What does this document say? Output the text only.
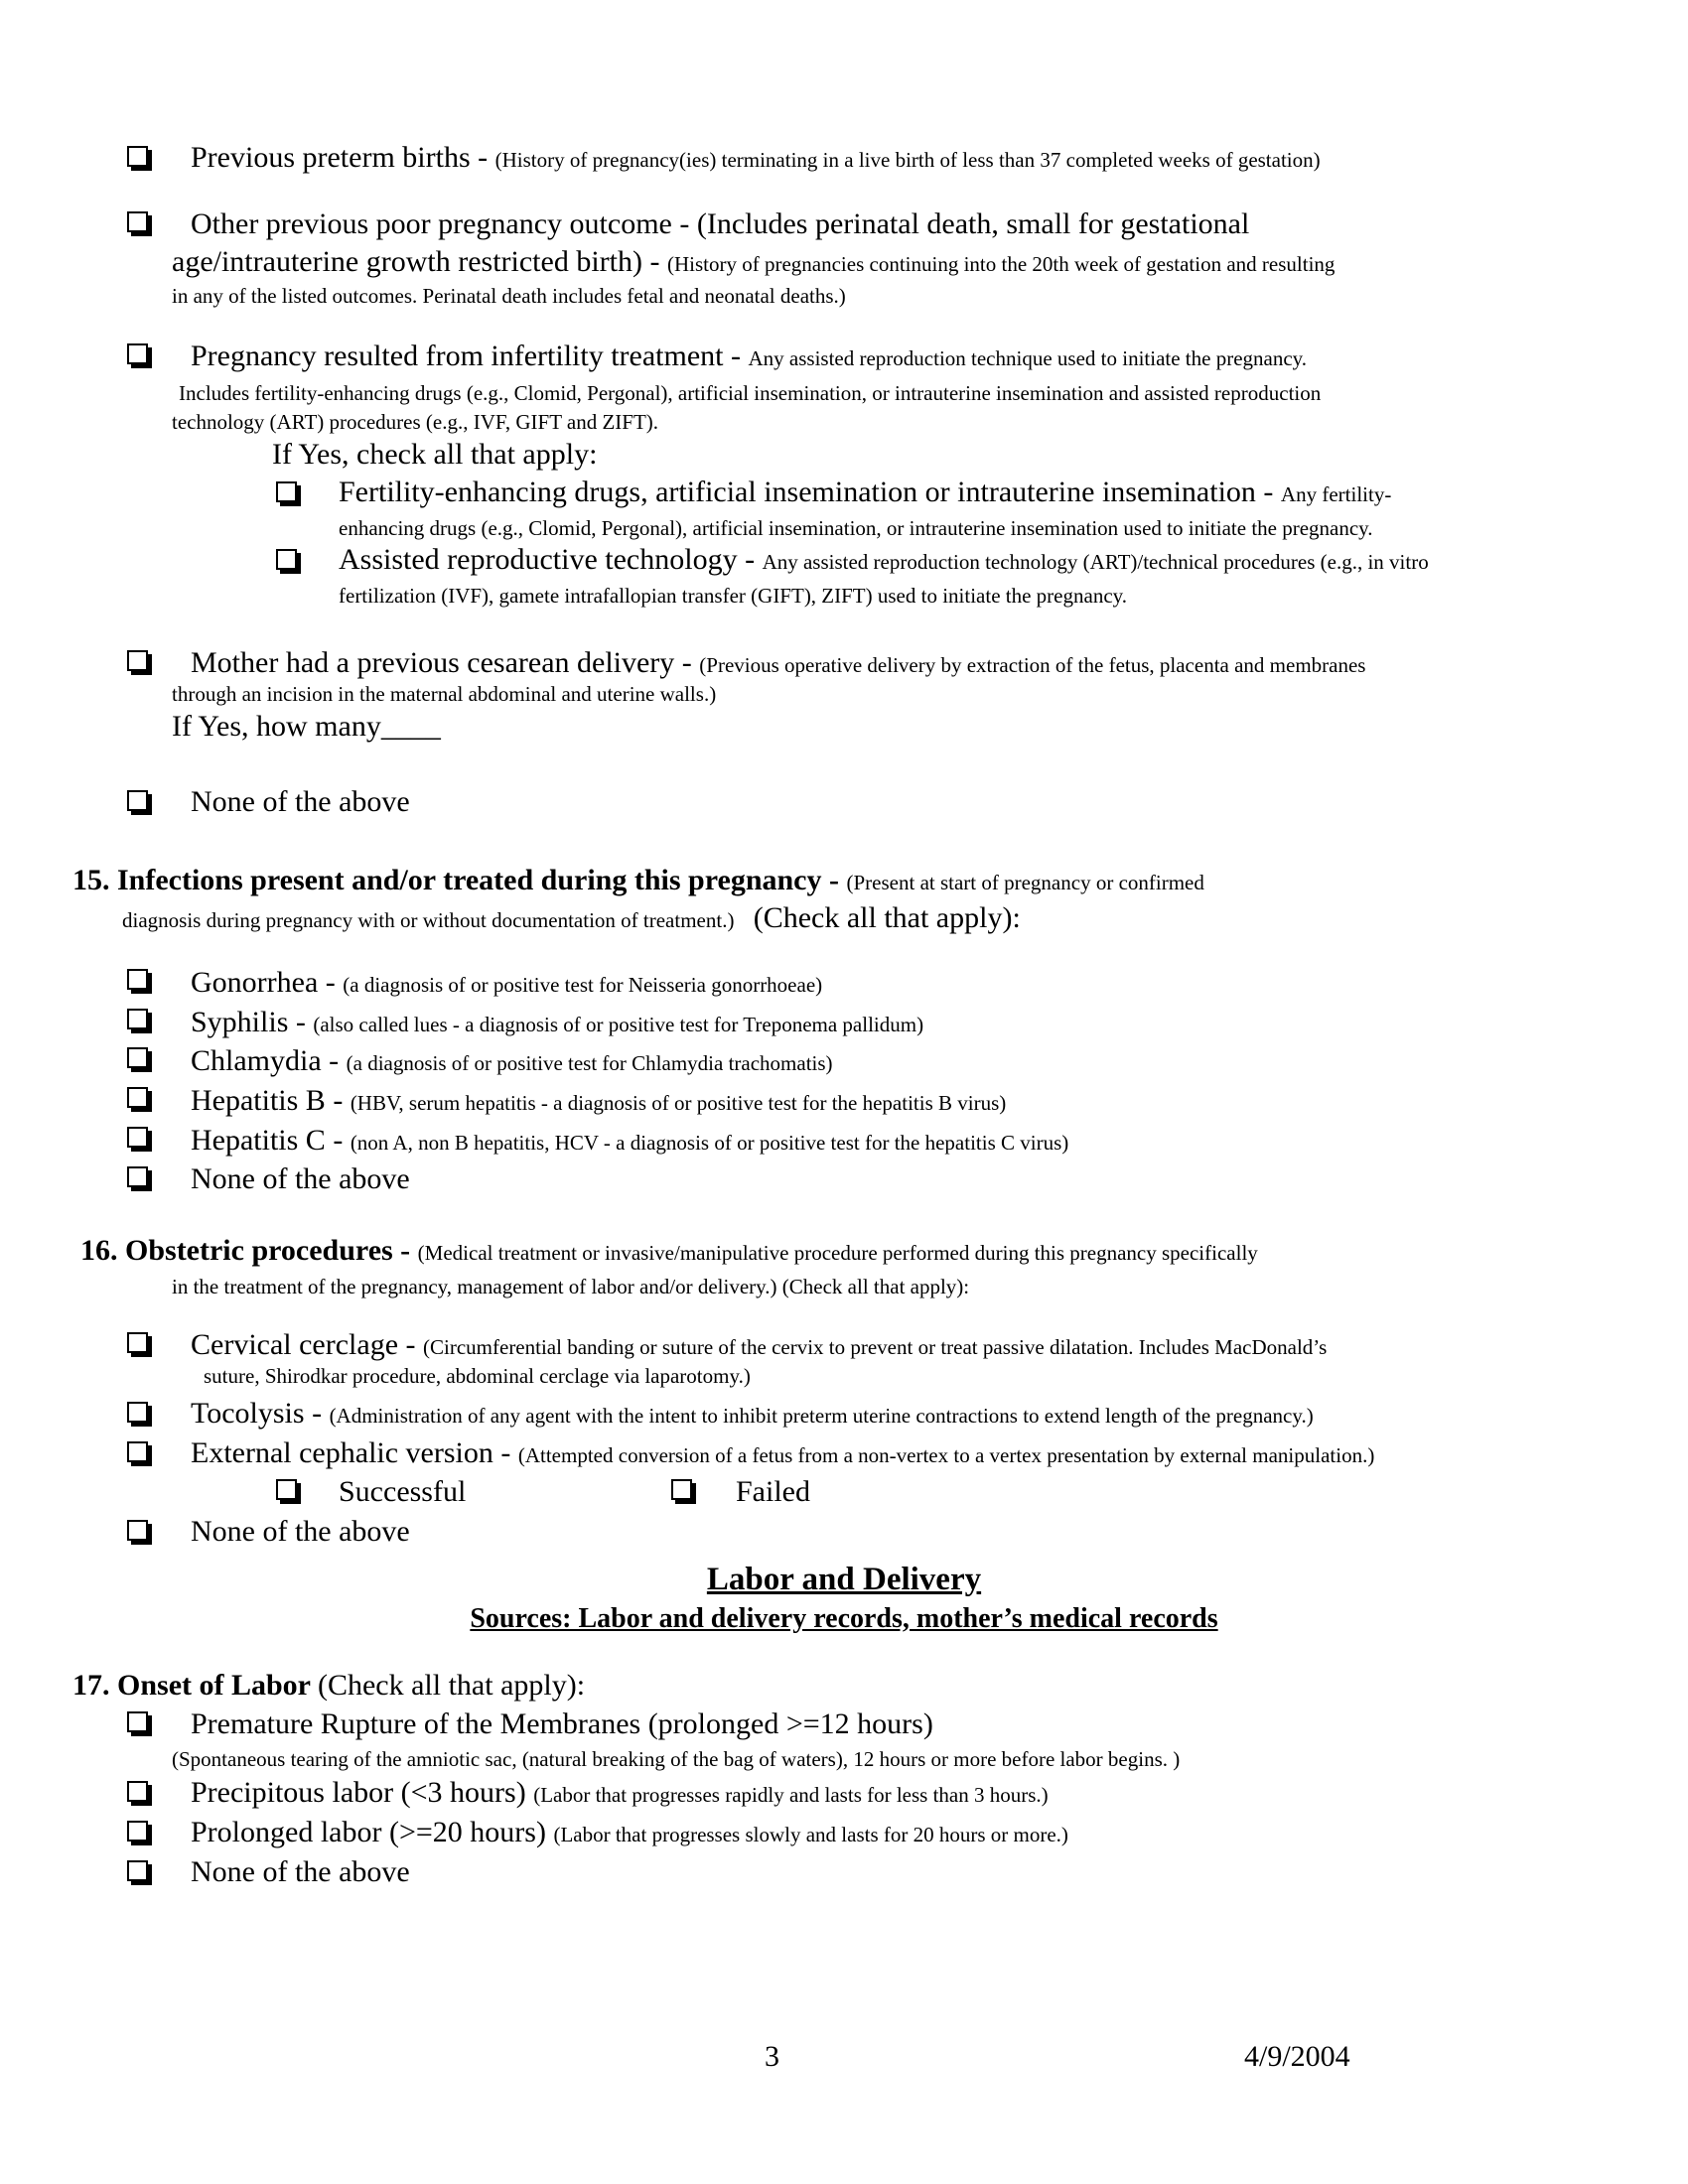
Previous preterm births - (History of pregnancy(ies) terminating in a live birth of less than 37 completed weeks of gestation)
Other previous poor pregnancy outcome - (Includes perinatal death, small for gestational
age/intrauterine growth restricted birth) - (History of pregnancies continuing into the 20th week of gestation and resulting
in any of the listed outcomes. Perinatal death includes fetal and neonatal deaths.)
Pregnancy resulted from infertility treatment - Any assisted reproduction technique used to initiate the pregnancy.
Includes fertility-enhancing drugs (e.g., Clomid, Pergonal), artificial insemination, or intrauterine insemination and assisted reproduction
technology (ART) procedures (e.g., IVF, GIFT and ZIFT).
If Yes, check all that apply:
Fertility-enhancing drugs, artificial insemination or intrauterine insemination - Any fertility-
enhancing drugs (e.g., Clomid, Pergonal), artificial insemination, or intrauterine insemination used to initiate the pregnancy.
Assisted reproductive technology - Any assisted reproduction technology (ART)/technical procedures (e.g., in vitro
fertilization (IVF), gamete intrafallopian transfer (GIFT), ZIFT) used to initiate the pregnancy.
Mother had a previous cesarean delivery - (Previous operative delivery by extraction of the fetus, placenta and membranes
through an incision in the maternal abdominal and uterine walls.)
If Yes, how many____
None of the above
15. Infections present and/or treated during this pregnancy - (Present at start of pregnancy or confirmed
diagnosis during pregnancy with or without documentation of treatment.) (Check all that apply):
Gonorrhea - (a diagnosis of or positive test for Neisseria gonorrhoeae)
Syphilis - (also called lues - a diagnosis of or positive test for Treponema pallidum)
Chlamydia - (a diagnosis of or positive test for Chlamydia trachomatis)
Hepatitis B - (HBV, serum hepatitis - a diagnosis of or positive test for the hepatitis B virus)
Hepatitis C - (non A, non B hepatitis, HCV - a diagnosis of or positive test for the hepatitis C virus)
None of the above
16. Obstetric procedures - (Medical treatment or invasive/manipulative procedure performed during this pregnancy specifically
in the treatment of the pregnancy, management of labor and/or delivery.) (Check all that apply):
Cervical cerclage - (Circumferential banding or suture of the cervix to prevent or treat passive dilatation. Includes MacDonald’s
suture, Shirodkar procedure, abdominal cerclage via laparotomy.)
Tocolysis - (Administration of any agent with the intent to inhibit preterm uterine contractions to extend length of the pregnancy.)
External cephalic version - (Attempted conversion of a fetus from a non-vertex to a vertex presentation by external manipulation.)
Successful	Failed
None of the above
Labor and Delivery
Sources: Labor and delivery records, mother’s medical records
17. Onset of Labor (Check all that apply):
Premature Rupture of the Membranes (prolonged >=12 hours)
(Spontaneous tearing of the amniotic sac, (natural breaking of the bag of waters), 12 hours or more before labor begins. )
Precipitous labor (<3 hours) (Labor that progresses rapidly and lasts for less than 3 hours.)
Prolonged labor (>=20 hours) (Labor that progresses slowly and lasts for 20 hours or more.)
None of the above
3	4/9/2004
